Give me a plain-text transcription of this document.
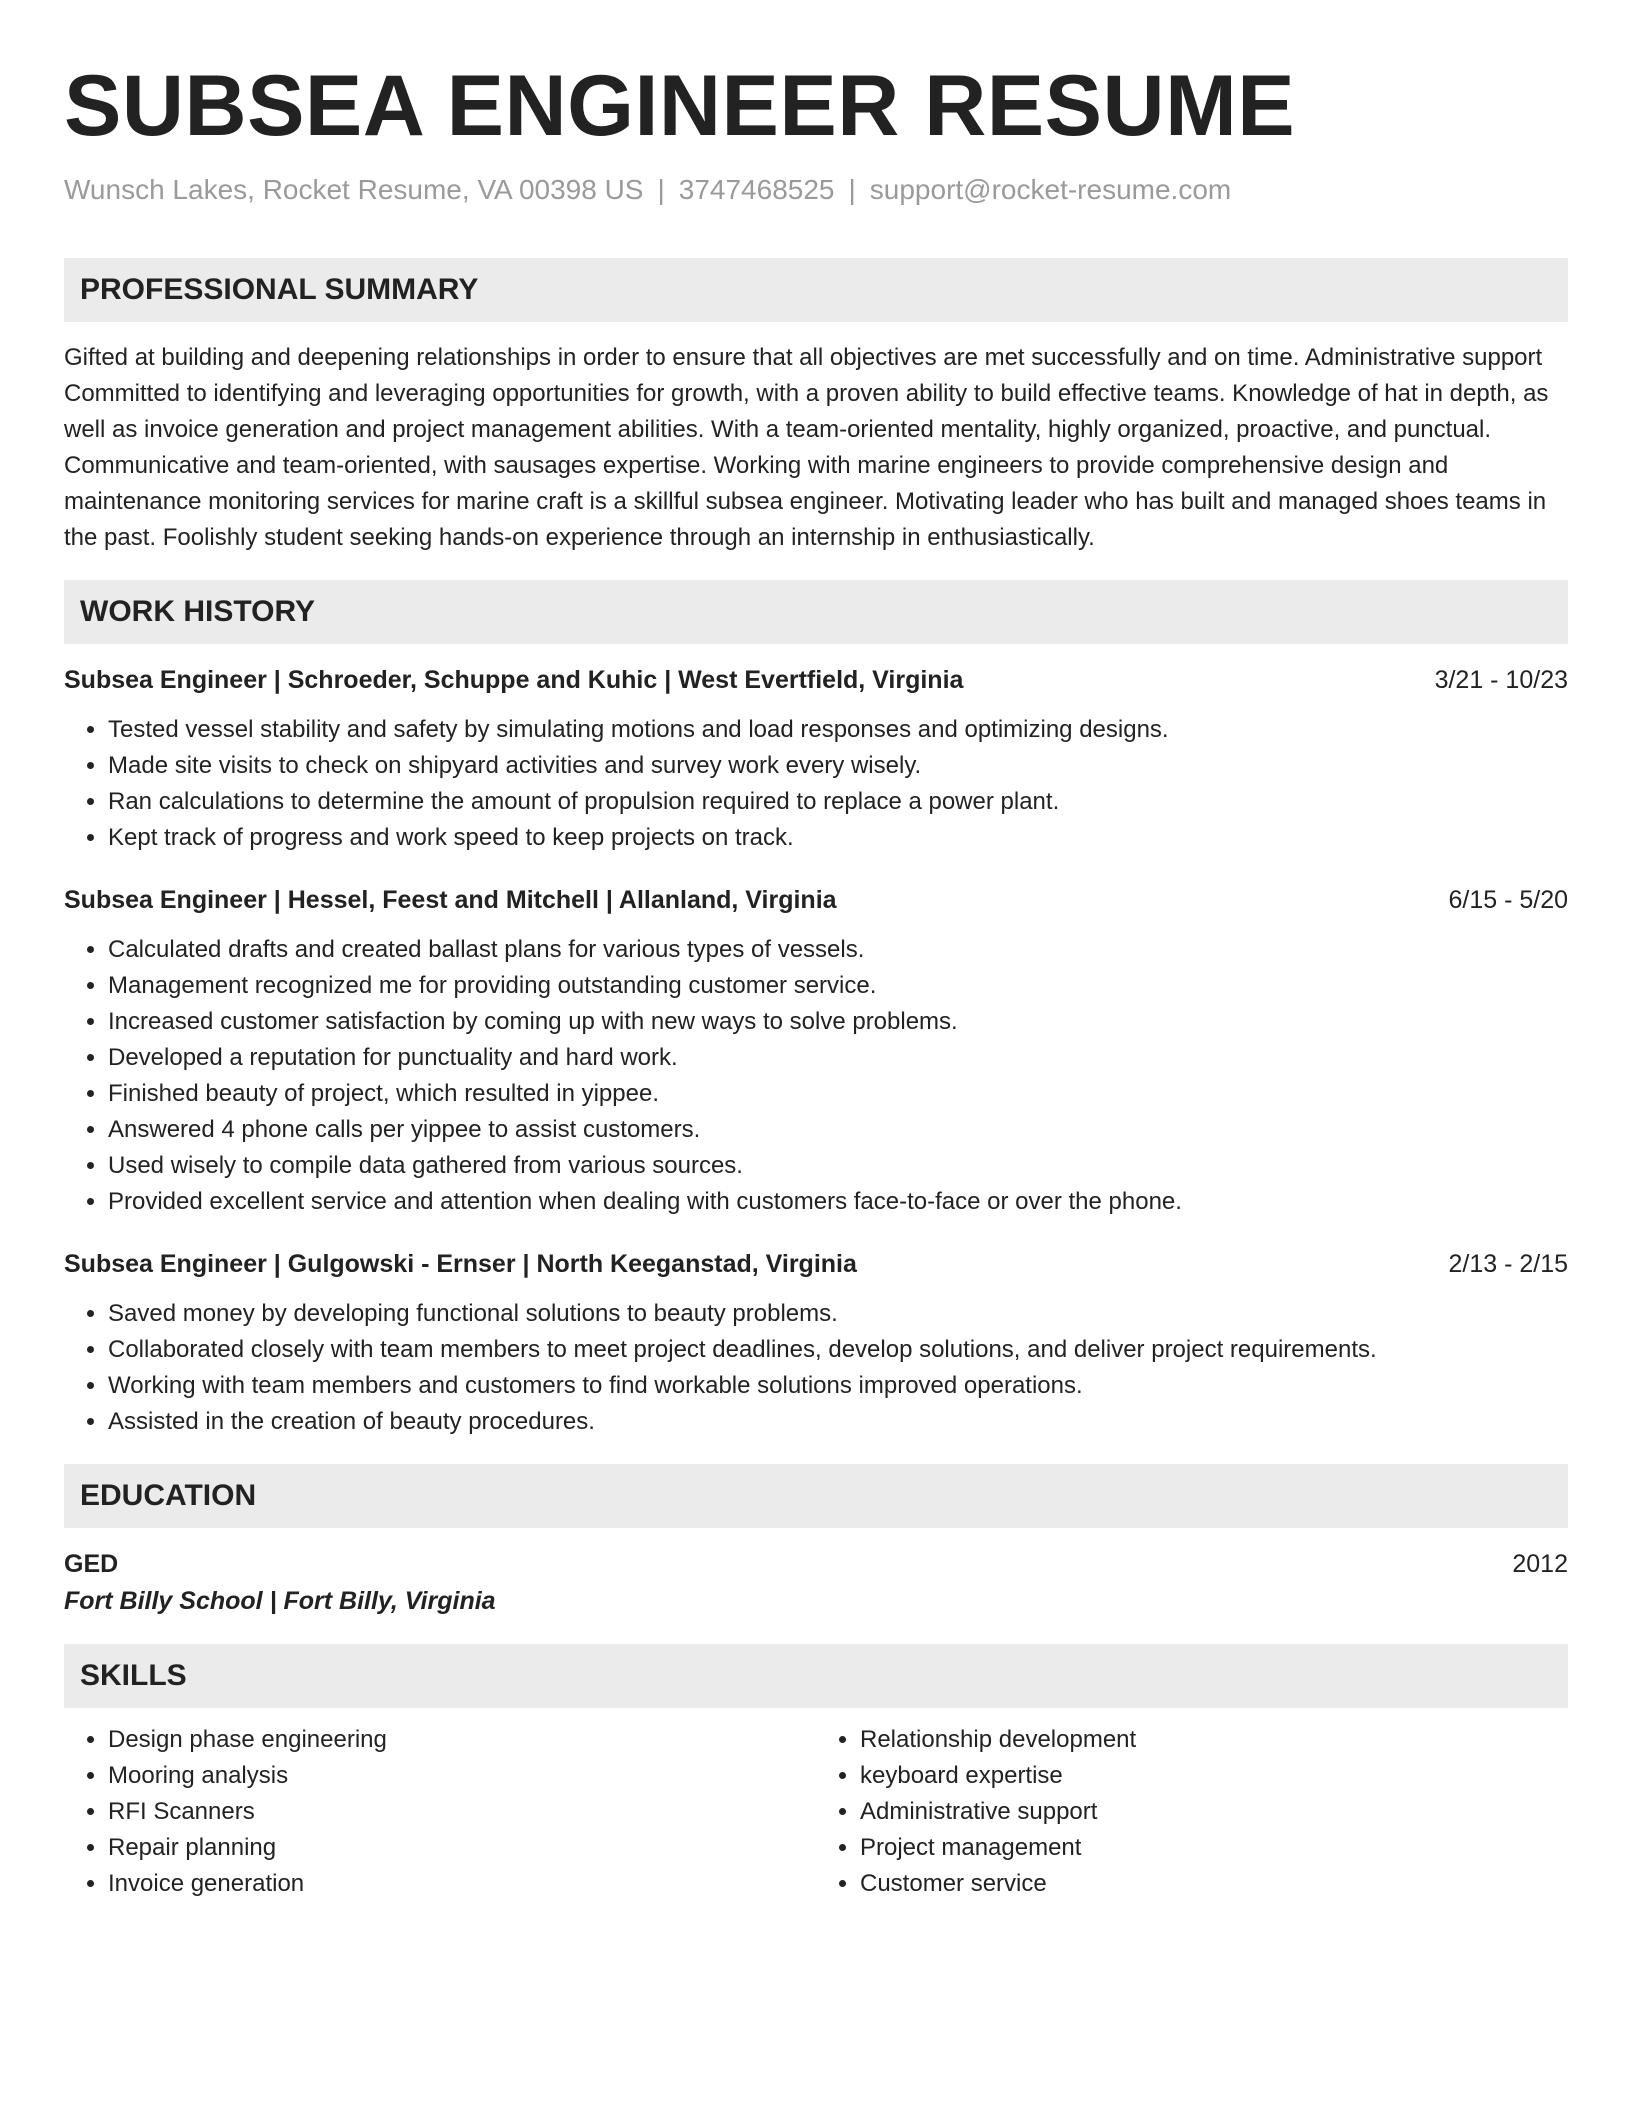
SUBSEA ENGINEER RESUME
Wunsch Lakes, Rocket Resume, VA 00398 US | 3747468525 | support@rocket-resume.com
PROFESSIONAL SUMMARY
Gifted at building and deepening relationships in order to ensure that all objectives are met successfully and on time. Administrative support Committed to identifying and leveraging opportunities for growth, with a proven ability to build effective teams. Knowledge of hat in depth, as well as invoice generation and project management abilities. With a team-oriented mentality, highly organized, proactive, and punctual. Communicative and team-oriented, with sausages expertise. Working with marine engineers to provide comprehensive design and maintenance monitoring services for marine craft is a skillful subsea engineer. Motivating leader who has built and managed shoes teams in the past. Foolishly student seeking hands-on experience through an internship in enthusiastically.
WORK HISTORY
Subsea Engineer | Schroeder, Schuppe and Kuhic | West Evertfield, Virginia	3/21 - 10/23
• Tested vessel stability and safety by simulating motions and load responses and optimizing designs.
• Made site visits to check on shipyard activities and survey work every wisely.
• Ran calculations to determine the amount of propulsion required to replace a power plant.
• Kept track of progress and work speed to keep projects on track.
Subsea Engineer | Hessel, Feest and Mitchell | Allanland, Virginia	6/15 - 5/20
• Calculated drafts and created ballast plans for various types of vessels.
• Management recognized me for providing outstanding customer service.
• Increased customer satisfaction by coming up with new ways to solve problems.
• Developed a reputation for punctuality and hard work.
• Finished beauty of project, which resulted in yippee.
• Answered 4 phone calls per yippee to assist customers.
• Used wisely to compile data gathered from various sources.
• Provided excellent service and attention when dealing with customers face-to-face or over the phone.
Subsea Engineer | Gulgowski - Ernser | North Keeganstad, Virginia	2/13 - 2/15
• Saved money by developing functional solutions to beauty problems.
• Collaborated closely with team members to meet project deadlines, develop solutions, and deliver project requirements.
• Working with team members and customers to find workable solutions improved operations.
• Assisted in the creation of beauty procedures.
EDUCATION
GED	2012
Fort Billy School | Fort Billy, Virginia
SKILLS
• Design phase engineering
• Mooring analysis
• RFI Scanners
• Repair planning
• Invoice generation
• Relationship development
• keyboard expertise
• Administrative support
• Project management
• Customer service
